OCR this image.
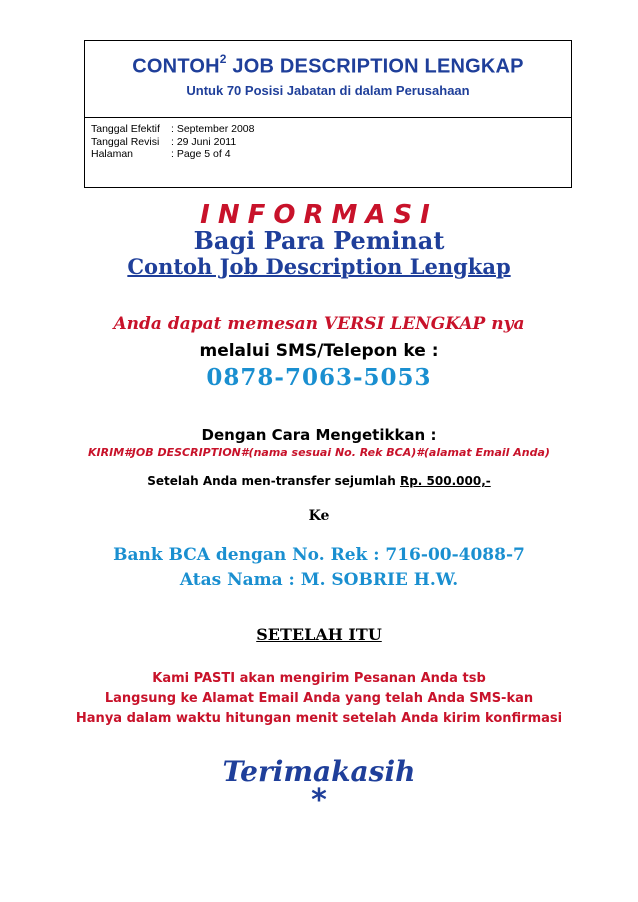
CONTOH$^2$ JOB DESCRIPTION LENGKAP

Untuk 70 Posisi Jabatan di dalam Perusahaan

Tanggal Efektif	: September 2008
Tanggal Revisi	: 29 Juni 2011
Halaman	: Page 5 of 4
INFORMASI
Bagi Para Peminat
Contoh Job Description Lengkap
Anda dapat memesan VERSI LENGKAP nya
melalui SMS/Telepon ke :
0878-7063-5053
Dengan Cara Mengetikkan :
KIRIM#JOB DESCRIPTION#(nama sesuai No. Rek BCA)#(alamat Email Anda)
Setelah Anda men-transfer sejumlah Rp. 500.000,-
Ke
Bank BCA dengan No. Rek : 716-00-4088-7
Atas Nama : M. SOBRIE H.W.
SETELAH ITU
Kami PASTI akan mengirim Pesanan Anda tsb
Langsung ke Alamat Email Anda yang telah Anda SMS-kan
Hanya dalam waktu hitungan menit setelah Anda kirim konfirmasi
Terimakasih
*
